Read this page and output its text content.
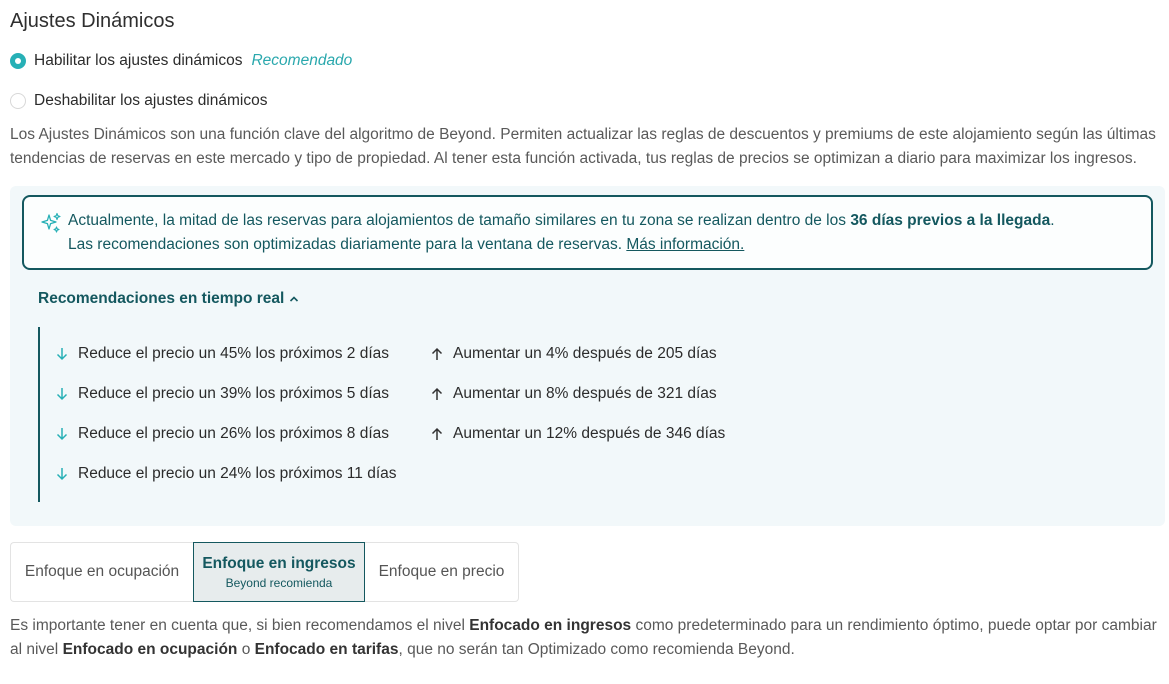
Ajustes Dinámicos
Habilitar los ajustes dinámicos Recomendado
Deshabilitar los ajustes dinámicos
Los Ajustes Dinámicos son una función clave del algoritmo de Beyond. Permiten actualizar las reglas de descuentos y premiums de este alojamiento según las últimas tendencias de reservas en este mercado y tipo de propiedad. Al tener esta función activada, tus reglas de precios se optimizan a diario para maximizar los ingresos.
Actualmente, la mitad de las reservas para alojamientos de tamaño similares en tu zona se realizan dentro de los 36 días previos a la llegada.
Las recomendaciones son optimizadas diariamente para la ventana de reservas. Más información.
Recomendaciones en tiempo real
Reduce el precio un 45% los próximos 2 días
Reduce el precio un 39% los próximos 5 días
Reduce el precio un 26% los próximos 8 días
Reduce el precio un 24% los próximos 11 días
Aumentar un 4% después de 205 días
Aumentar un 8% después de 321 días
Aumentar un 12% después de 346 días
Enfoque en ocupación Enfoque en ingresos
Beyond recomienda
Enfoque en precio
Es importante tener en cuenta que, si bien recomendamos el nivel Enfocado en ingresos como predeterminado para un rendimiento óptimo, puede optar por cambiar al nivel Enfocado en ocupación o Enfocado en tarifas, que no serán tan Optimizado como recomienda Beyond.
